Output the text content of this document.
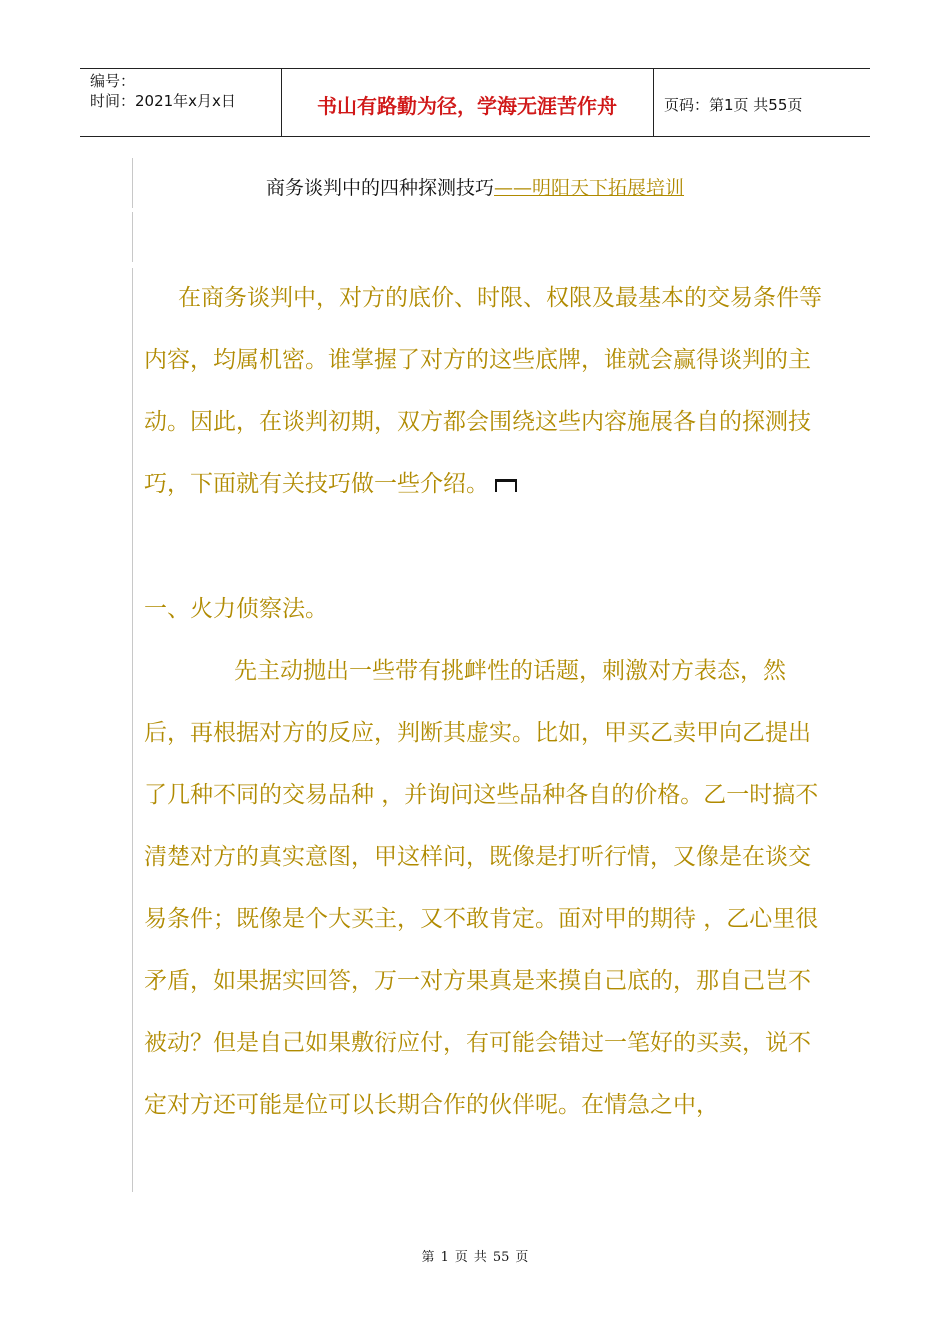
编号：
时间：2021年x月x日	书山有路勤为径，学海无涯苦作舟	页码：第1页 共55页
商务谈判中的四种探测技巧——明阳天下拓展培训

在商务谈判中，对方的底价、时限、权限及最基本的交易条件等内容，均属机密。谁掌握了对方的这些底牌，谁就会赢得谈判的主动。因此，在谈判初期，双方都会围绕这些内容施展各自的探测技巧，下面就有关技巧做一些介绍。

一、火力侦察法。

先主动抛出一些带有挑衅性的话题，刺激对方表态，然后，再根据对方的反应，判断其虚实。比如，甲买乙卖甲向乙提出了几种不同的交易品种 ，并询问这些品种各自的价格。乙一时搞不清楚对方的真实意图，甲这样问，既像是打听行情，又像是在谈交易条件；既像是个大买主，又不敢肯定。面对甲的期待 ，乙心里很矛盾，如果据实回答，万一对方果真是来摸自己底的，那自己岂不被动？但是自己如果敷衍应付，有可能会错过一笔好的买卖，说不定对方还可能是位可以长期合作的伙伴呢。在情急之中，

第 1 页 共 55 页
